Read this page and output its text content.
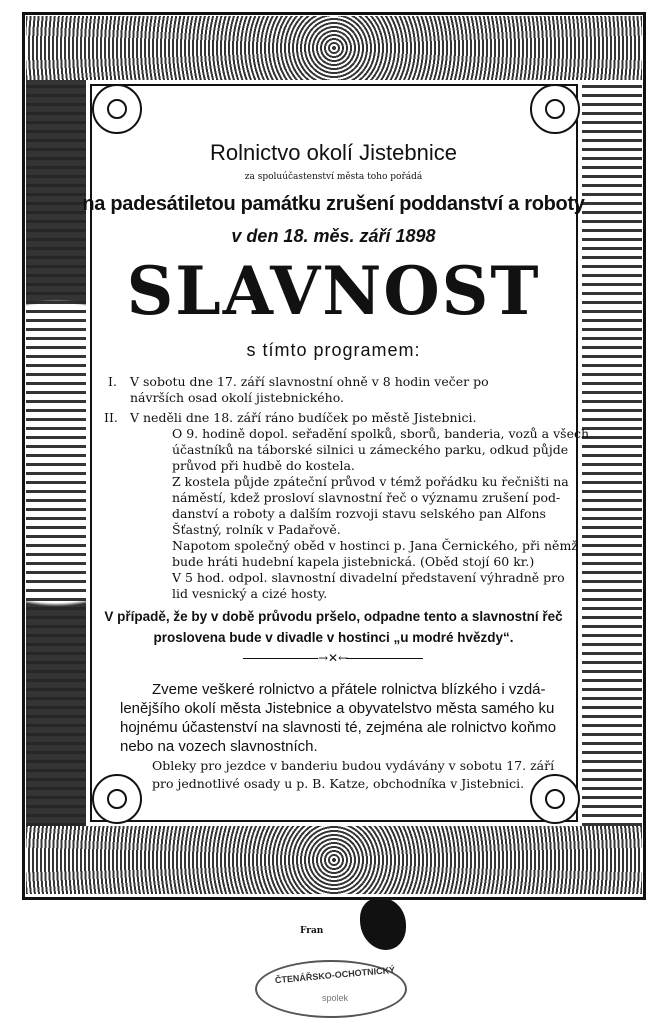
Rolnictvo okolí Jistebnice
za spoluúčastenství města toho pořádá
na padesátiletou památku zrušení poddanství a roboty
v den 18. měs. září 1898
SLAVNOST
s tímto programem:
I. V sobotu dne 17. září slavnostní ohně v 8 hodin večer po
návrších osad okolí jistebnického.
II. V neděli dne 18. září ráno budíček po městě Jistebnici.
O 9. hodině dopol. seřadění spolků, sborů, banderia, vozů a všech
účastníků na táborské silnici u zámeckého parku, odkud půjde
průvod při hudbě do kostela.
Z kostela půjde zpáteční průvod v témž pořádku ku řečništi na
náměstí, kdež prosloví slavnostní řeč o významu zrušení pod-
danství a roboty a dalším rozvoji stavu selského pan Alfons
Šťastný, rolník v Padařově.
Napotom společný oběd v hostinci p. Jana Černického, při němž
bude hráti hudební kapela jistebnická. (Oběd stojí 60 kr.)
V 5 hod. odpol. slavnostní divadelní představení výhradně pro
lid vesnický a cizé hosty.
V případě, že by v době průvodu pršelo, odpadne tento a slavnostní řeč
proslovena bude v divadle v hostinci „u modré hvězdy“.
→✕←
Zveme veškeré rolnictvo a přátele rolnictva blízkého i vzdá-
lenějšího okolí města Jistebnice a obyvatelstvo města samého ku
hojnému účastenství na slavnosti té, zejména ale rolnictvo koňmo
nebo na vozech slavnostních.
Obleky pro jezdce v banderiu budou vydávány v sobotu 17. září
pro jednotlivé osady u p. B. Katze, obchodníka v Jistebnici.
Fran
ČTENÁŘSKO-OCHOTNICKÝ
spolek
